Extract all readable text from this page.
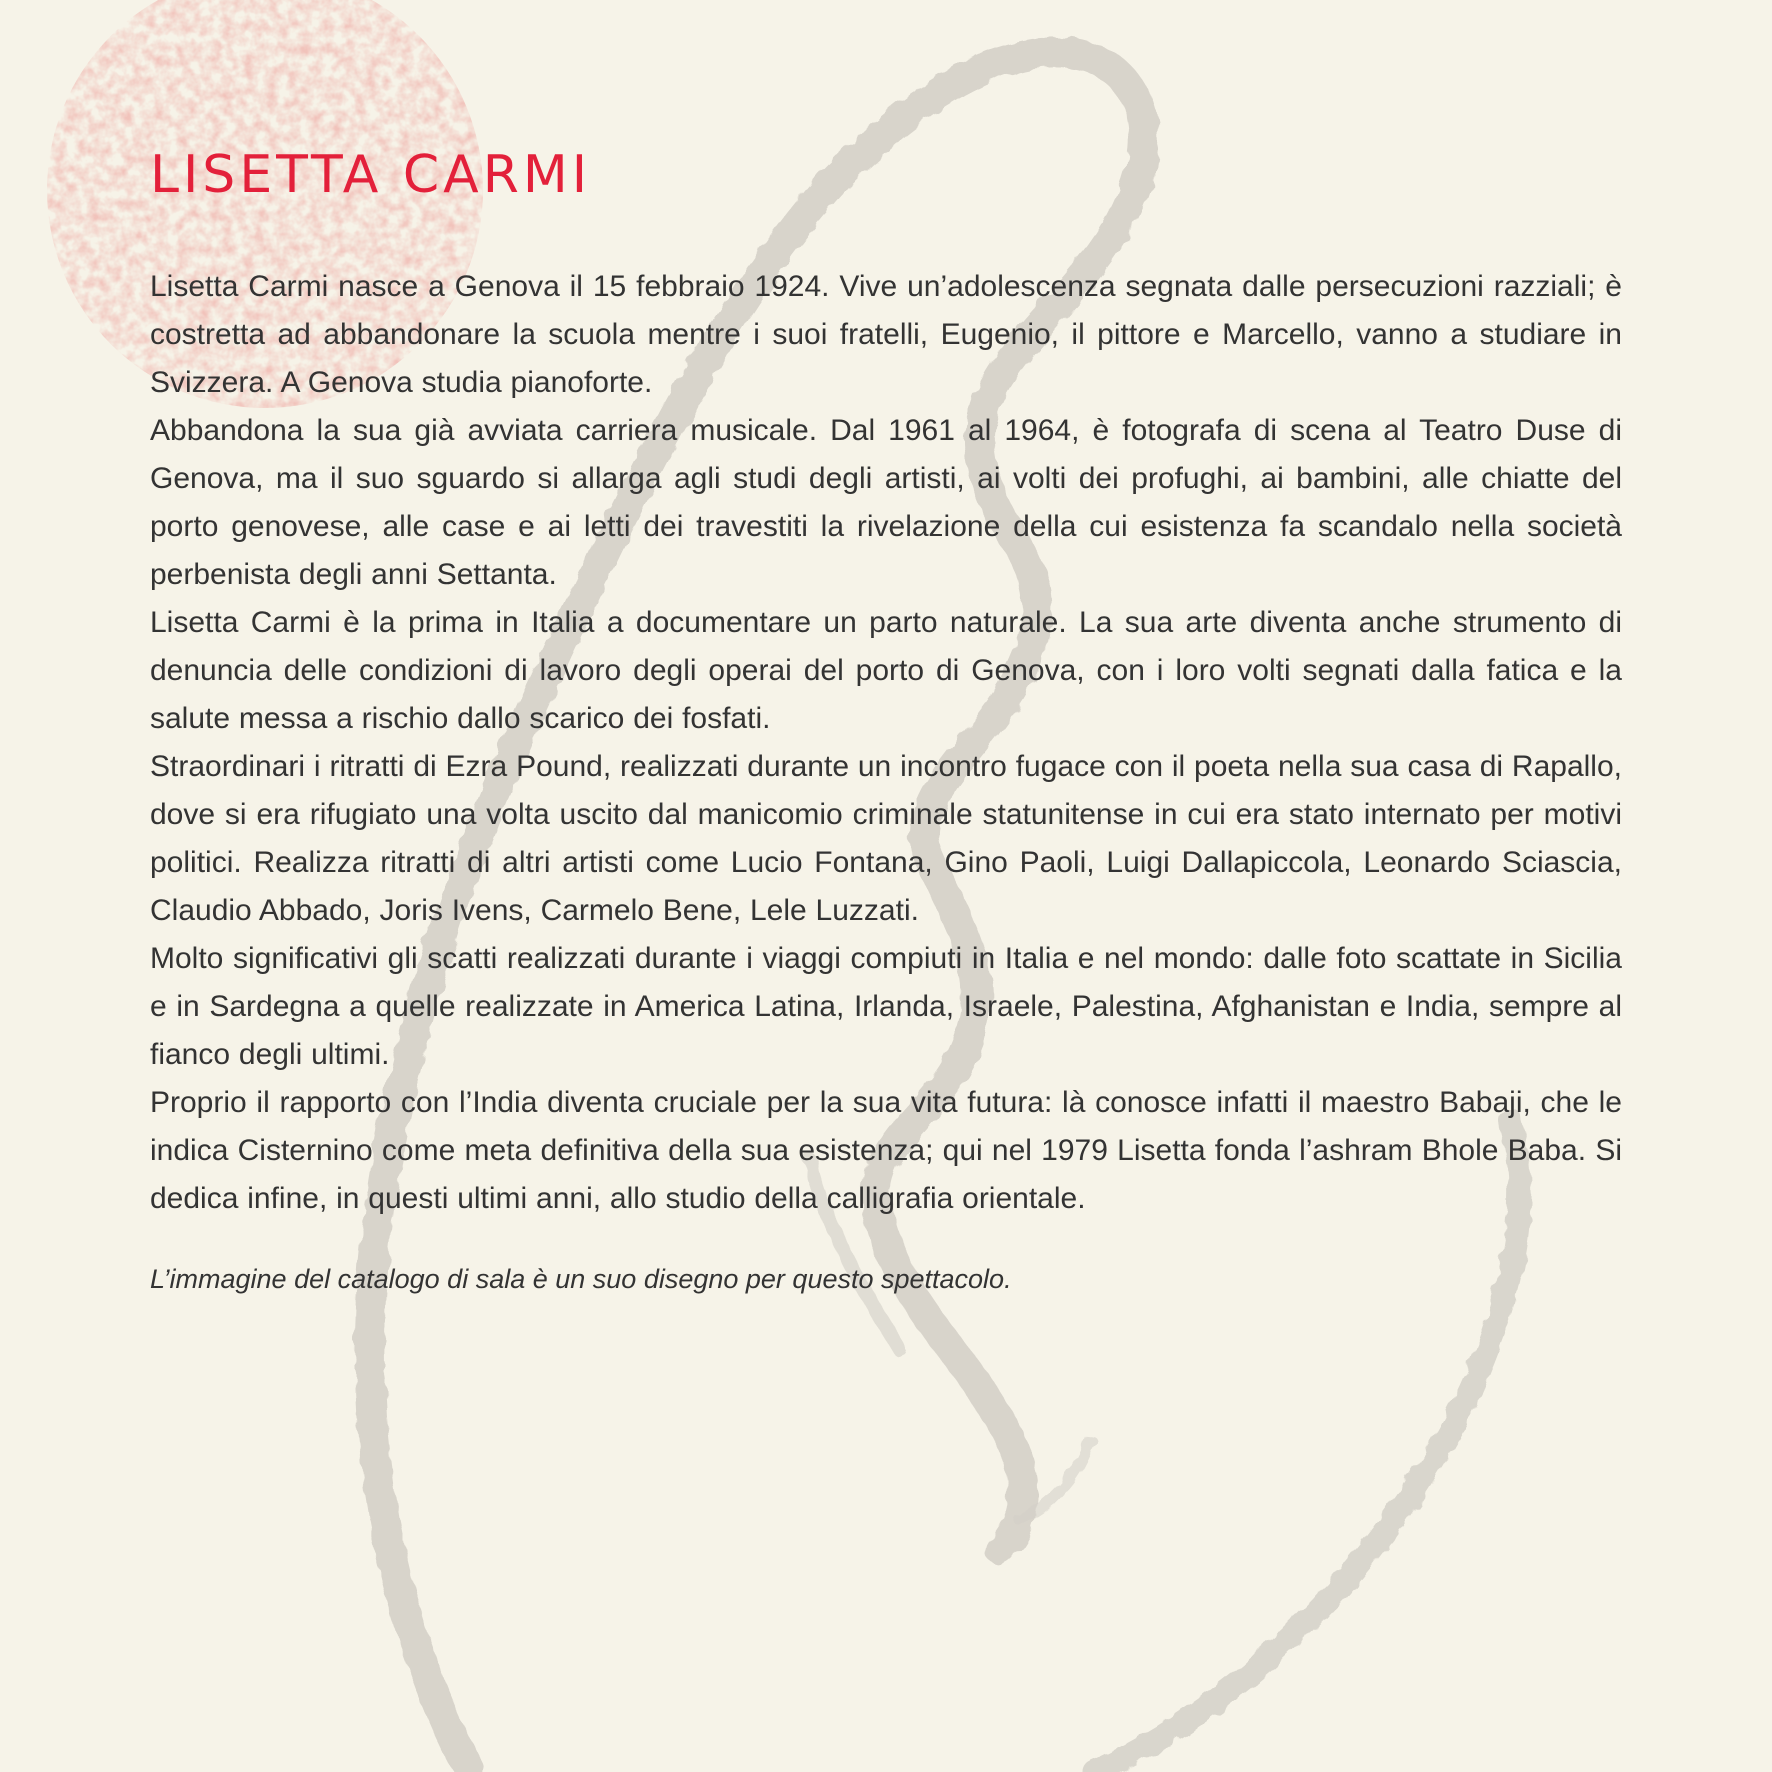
LISETTA CARMI

Lisetta Carmi nasce a Genova il 15 febbraio 1924. Vive un’adolescenza segnata dalle persecuzioni razziali; è costretta ad abbandonare la scuola mentre i suoi fratelli, Eugenio, il pittore e Marcello, vanno a studiare in Svizzera. A Genova studia pianoforte.

Abbandona la sua già avviata carriera musicale. Dal 1961 al 1964, è fotografa di scena al Teatro Duse di Genova, ma il suo sguardo si allarga agli studi degli artisti, ai volti dei profughi, ai bambini, alle chiatte del porto genovese, alle case e ai letti dei travestiti la rivelazione della cui esistenza fa scandalo nella società perbenista degli anni Settanta.

Lisetta Carmi è la prima in Italia a documentare un parto naturale. La sua arte diventa anche strumento di denuncia delle condizioni di lavoro degli operai del porto di Genova, con i loro volti segnati dalla fatica e la salute messa a rischio dallo scarico dei fosfati.

Straordinari i ritratti di Ezra Pound, realizzati durante un incontro fugace con il poeta nella sua casa di Rapallo, dove si era rifugiato una volta uscito dal manicomio criminale statunitense in cui era stato internato per motivi politici. Realizza ritratti di altri artisti come Lucio Fontana, Gino Paoli, Luigi Dallapiccola, Leonardo Sciascia, Claudio Abbado, Joris Ivens, Carmelo Bene, Lele Luzzati.

Molto significativi gli scatti realizzati durante i viaggi compiuti in Italia e nel mondo: dalle foto scattate in Sicilia e in Sardegna a quelle realizzate in America Latina, Irlanda, Israele, Palestina, Afghanistan e India, sempre al fianco degli ultimi.

Proprio il rapporto con l’India diventa cruciale per la sua vita futura: là conosce infatti il maestro Babaji, che le indica Cisternino come meta definitiva della sua esistenza; qui nel 1979 Lisetta fonda l’ashram Bhole Baba. Si dedica infine, in questi ultimi anni, allo studio della calligrafia orientale.

L’immagine del catalogo di sala è un suo disegno per questo spettacolo.
